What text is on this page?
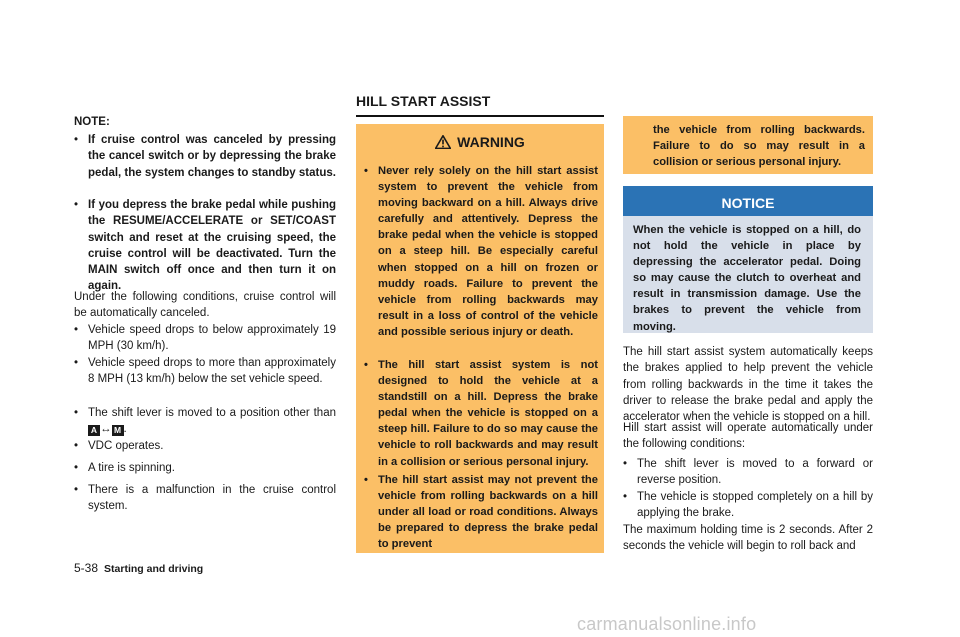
NOTE:
• If cruise control was canceled by pressing the cancel switch or by depressing the brake pedal, the system changes to standby status.
• If you depress the brake pedal while pushing the RESUME/ACCELERATE or SET/COAST switch and reset at the cruising speed, the cruise control will be deactivated. Turn the MAIN switch off once and then turn it on again.

Under the following conditions, cruise control will be automatically canceled.

• Vehicle speed drops to below approximately 19 MPH (30 km/h).
• Vehicle speed drops to more than approximately 8 MPH (13 km/h) below the set vehicle speed.
• The shift lever is moved to a position other than A ↔ M .
• VDC operates.
• A tire is spinning.
• There is a malfunction in the cruise control system.
HILL START ASSIST
WARNING
• Never rely solely on the hill start assist system to prevent the vehicle from moving backward on a hill. Always drive carefully and attentively. Depress the brake pedal when the vehicle is stopped on a steep hill. Be especially careful when stopped on a hill on frozen or muddy roads. Failure to prevent the vehicle from rolling backwards may result in a loss of control of the vehicle and possible serious injury or death.
• The hill start assist system is not designed to hold the vehicle at a standstill on a hill. Depress the brake pedal when the vehicle is stopped on a steep hill. Failure to do so may cause the vehicle to roll backwards and may result in a collision or serious personal injury.
• The hill start assist may not prevent the vehicle from rolling backwards on a hill under all load or road conditions. Always be prepared to depress the brake pedal to prevent
the vehicle from rolling backwards. Failure to do so may result in a collision or serious personal injury.
NOTICE
When the vehicle is stopped on a hill, do not hold the vehicle in place by depressing the accelerator pedal. Doing so may cause the clutch to overheat and result in transmission damage. Use the brakes to prevent the vehicle from moving.

The hill start assist system automatically keeps the brakes applied to help prevent the vehicle from rolling backwards in the time it takes the driver to release the brake pedal and apply the accelerator when the vehicle is stopped on a hill.

Hill start assist will operate automatically under the following conditions:

• The shift lever is moved to a forward or reverse position.
• The vehicle is stopped completely on a hill by applying the brake.

The maximum holding time is 2 seconds. After 2 seconds the vehicle will begin to roll back and

5-38 Starting and driving
carmanualsonline.info
